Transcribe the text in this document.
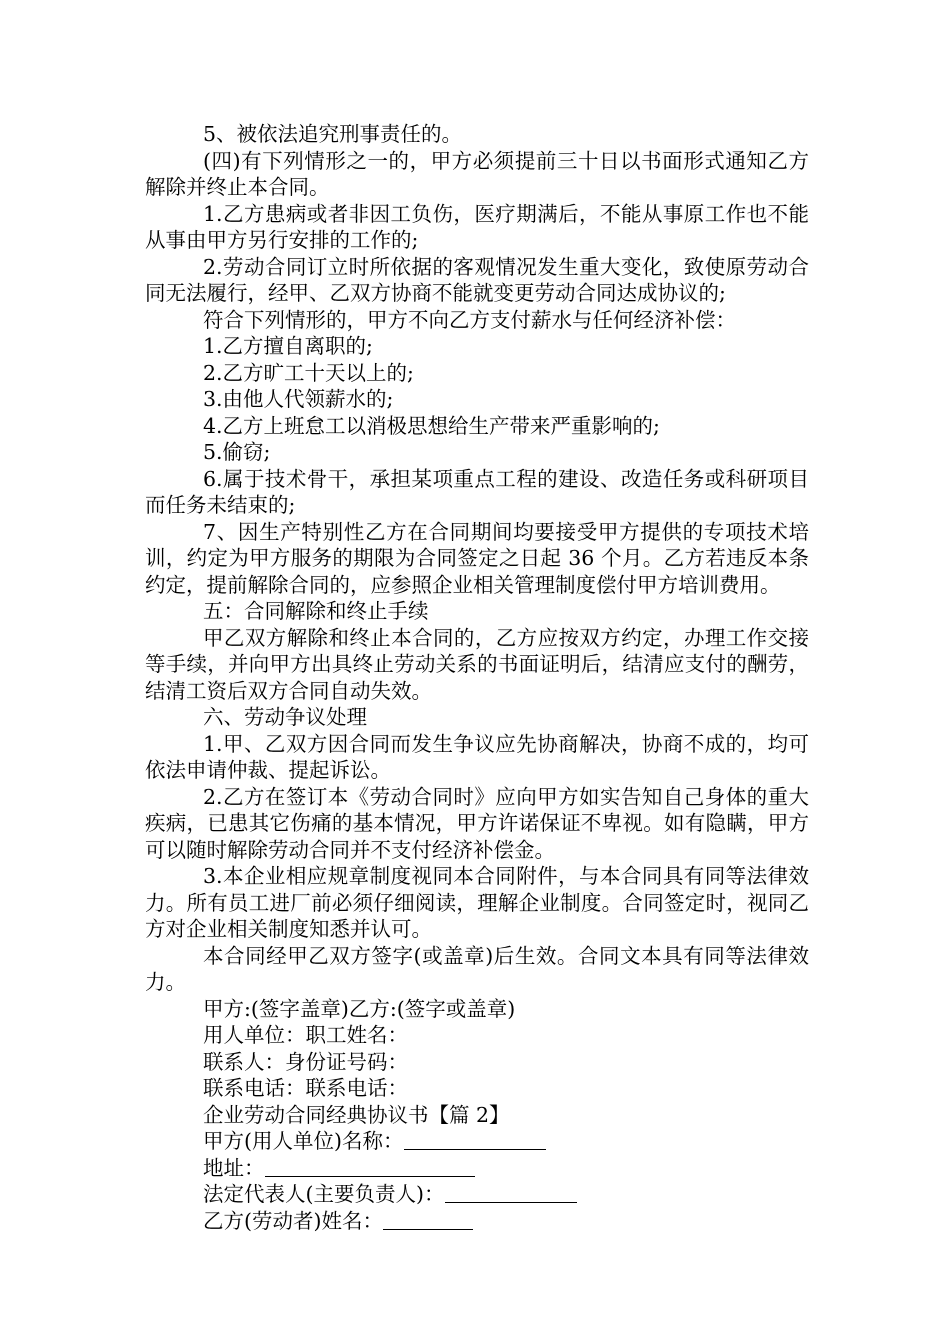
5、被依法追究刑事责任的。

(四)有下列情形之一的，甲方必须提前三十日以书面形式通知乙方解除并终止本合同。

1.乙方患病或者非因工负伤，医疗期满后，不能从事原工作也不能从事由甲方另行安排的工作的;

2.劳动合同订立时所依据的客观情况发生重大变化，致使原劳动合同无法履行，经甲、乙双方协商不能就变更劳动合同达成协议的;

符合下列情形的，甲方不向乙方支付薪水与任何经济补偿：

1.乙方擅自离职的;

2.乙方旷工十天以上的;

3.由他人代领薪水的;

4.乙方上班怠工以消极思想给生产带来严重影响的;

5.偷窃;

6.属于技术骨干，承担某项重点工程的建设、改造任务或科研项目而任务未结束的;

7、因生产特别性乙方在合同期间均要接受甲方提供的专项技术培训，约定为甲方服务的期限为合同签定之日起 36 个月。乙方若违反本条约定，提前解除合同的，应参照企业相关管理制度偿付甲方培训费用。

五：合同解除和终止手续

甲乙双方解除和终止本合同的，乙方应按双方约定，办理工作交接等手续，并向甲方出具终止劳动关系的书面证明后，结清应支付的酬劳，结清工资后双方合同自动失效。

六、劳动争议处理

1.甲、乙双方因合同而发生争议应先协商解决，协商不成的，均可依法申请仲裁、提起诉讼。

2.乙方在签订本《劳动合同时》应向甲方如实告知自己身体的重大疾病，已患其它伤痛的基本情况，甲方许诺保证不卑视。如有隐瞒，甲方可以随时解除劳动合同并不支付经济补偿金。

3.本企业相应规章制度视同本合同附件，与本合同具有同等法律效力。所有员工进厂前必须仔细阅读，理解企业制度。合同签定时，视同乙方对企业相关制度知悉并认可。

本合同经甲乙双方签字(或盖章)后生效。合同文本具有同等法律效力。

甲方:(签字盖章)乙方:(签字或盖章)

用人单位：职工姓名：

联系人：身份证号码：

联系电话：联系电话：

企业劳动合同经典协议书【篇 2】

甲方(用人单位)名称：

地址：

法定代表人(主要负责人)：

乙方(劳动者)姓名：
